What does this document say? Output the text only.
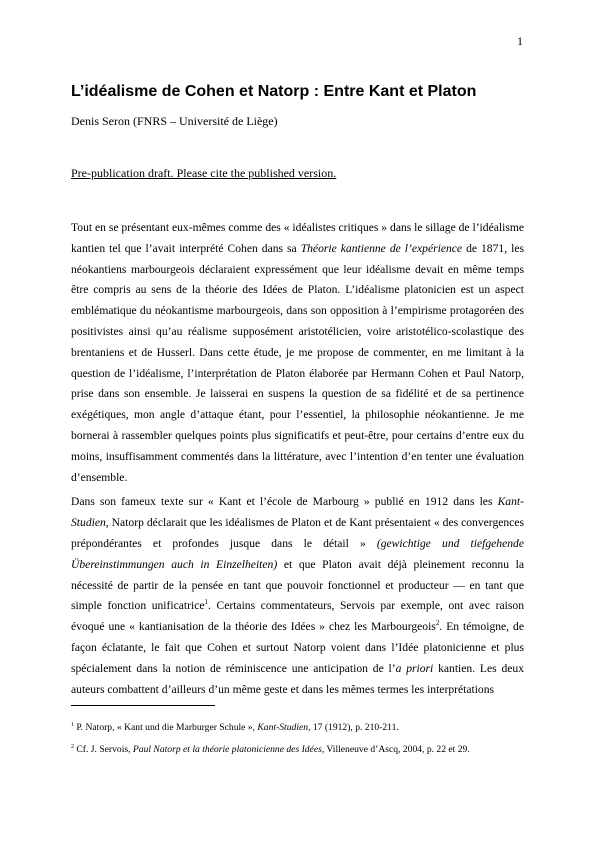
1
L’idéalisme de Cohen et Natorp : Entre Kant et Platon
Denis Seron (FNRS – Université de Liège)
Pre-publication draft. Please cite the published version.

Tout en se présentant eux-mêmes comme des « idéalistes critiques » dans le sillage de l’idéalisme kantien tel que l’avait interprété Cohen dans sa Théorie kantienne de l’expérience de 1871, les néokantiens marbourgeois déclaraient expressément que leur idéalisme devait en même temps être compris au sens de la théorie des Idées de Platon. L’idéalisme platonicien est un aspect emblématique du néokantisme marbourgeois, dans son opposition à l’empirisme protagoréen des positivistes ainsi qu’au réalisme supposément aristotélicien, voire aristotélico-scolastique des brentaniens et de Husserl. Dans cette étude, je me propose de commenter, en me limitant à la question de l’idéalisme, l’interprétation de Platon élaborée par Hermann Cohen et Paul Natorp, prise dans son ensemble. Je laisserai en suspens la question de sa fidélité et de sa pertinence exégétiques, mon angle d’attaque étant, pour l’essentiel, la philosophie néokantienne. Je me bornerai à rassembler quelques points plus significatifs et peut-être, pour certains d’entre eux du moins, insuffisamment commentés dans la littérature, avec l’intention d’en tenter une évaluation d’ensemble.

Dans son fameux texte sur « Kant et l’école de Marbourg » publié en 1912 dans les Kant-Studien, Natorp déclarait que les idéalismes de Platon et de Kant présentaient « des convergences prépondérantes et profondes jusque dans le détail » (gewichtige und tiefgehende Übereinstimmungen auch in Einzelheiten) et que Platon avait déjà pleinement reconnu la nécessité de partir de la pensée en tant que pouvoir fonctionnel et producteur — en tant que simple fonction unificatrice$^1$. Certains commentateurs, Servois par exemple, ont avec raison évoqué une « kantianisation de la théorie des Idées » chez les Marbourgeois$^2$. En témoigne, de façon éclatante, le fait que Cohen et surtout Natorp voient dans l’Idée platonicienne et plus spécialement dans la notion de réminiscence une anticipation de l’a priori kantien. Les deux auteurs combattent d’ailleurs d’un même geste et dans les mêmes termes les interprétations

$^1$ P. Natorp, « Kant und die Marburger Schule », Kant-Studien, 17 (1912), p. 210-211.

$^2$ Cf. J. Servois, Paul Natorp et la théorie platonicienne des Idées, Villeneuve d’Ascq, 2004, p. 22 et 29.
